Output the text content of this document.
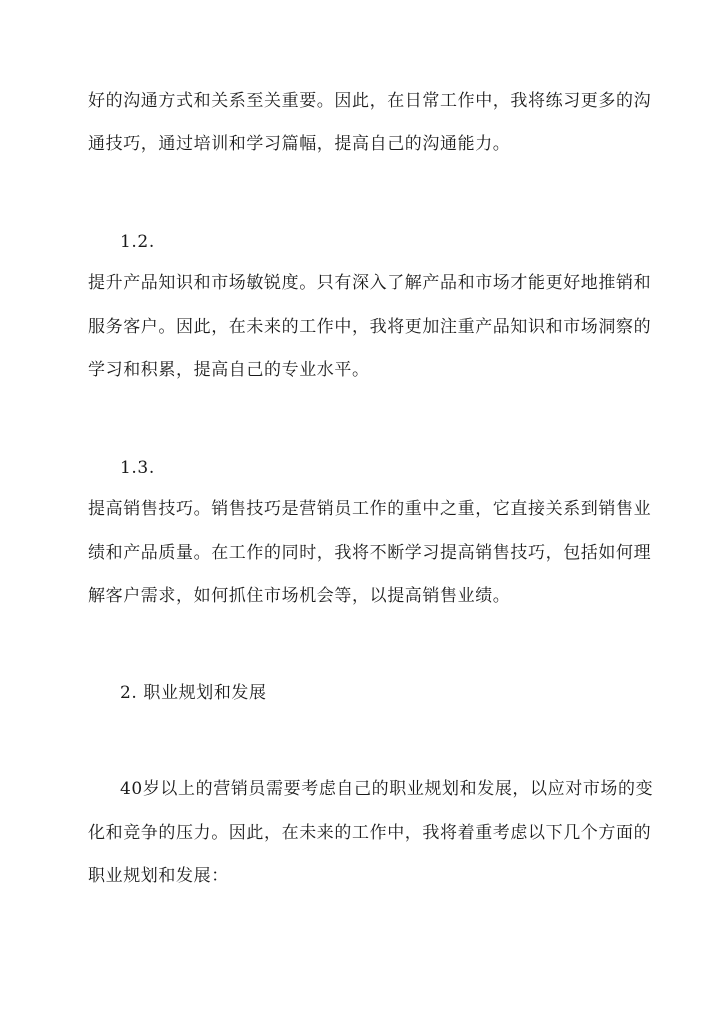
好的沟通方式和关系至关重要。因此，在日常工作中，我将练习更多的沟
通技巧，通过培训和学习篇幅，提高自己的沟通能力。
1.2.
提升产品知识和市场敏锐度。只有深入了解产品和市场才能更好地推销和
服务客户。因此，在未来的工作中，我将更加注重产品知识和市场洞察的
学习和积累，提高自己的专业水平。
1.3.
提高销售技巧。销售技巧是营销员工作的重中之重，它直接关系到销售业
绩和产品质量。在工作的同时，我将不断学习提高销售技巧，包括如何理
解客户需求，如何抓住市场机会等，以提高销售业绩。
2. 职业规划和发展
40岁以上的营销员需要考虑自己的职业规划和发展，以应对市场的变
化和竞争的压力。因此，在未来的工作中，我将着重考虑以下几个方面的
职业规划和发展：
